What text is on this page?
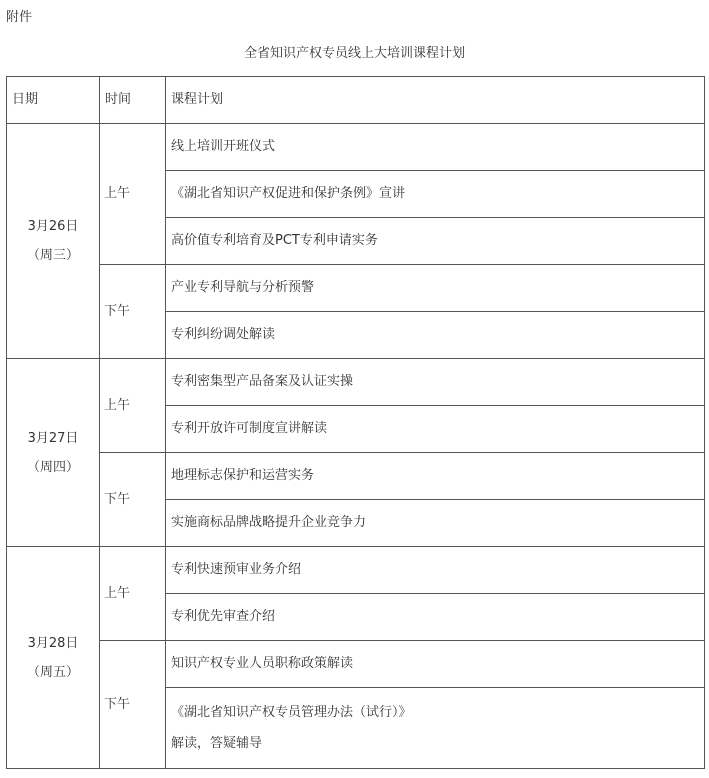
附件
全省知识产权专员线上大培训课程计划
日期	时间	课程计划

3月26日
（周三）	上午	线上培训开班仪式
		《湖北省知识产权促进和保护条例》宣讲
		高价值专利培育及PCT专利申请实务
	下午	产业专利导航与分析预警
		专利纠纷调处解读

3月27日
（周四）	上午	专利密集型产品备案及认证实操
		专利开放许可制度宣讲解读
	下午	地理标志保护和运营实务
		实施商标品牌战略提升企业竞争力

3月28日
（周五）	上午	专利快速预审业务介绍
		专利优先审查介绍
	下午	知识产权专业人员职称政策解读

		《湖北省知识产权专员管理办法（试行）》
解读，答疑辅导
